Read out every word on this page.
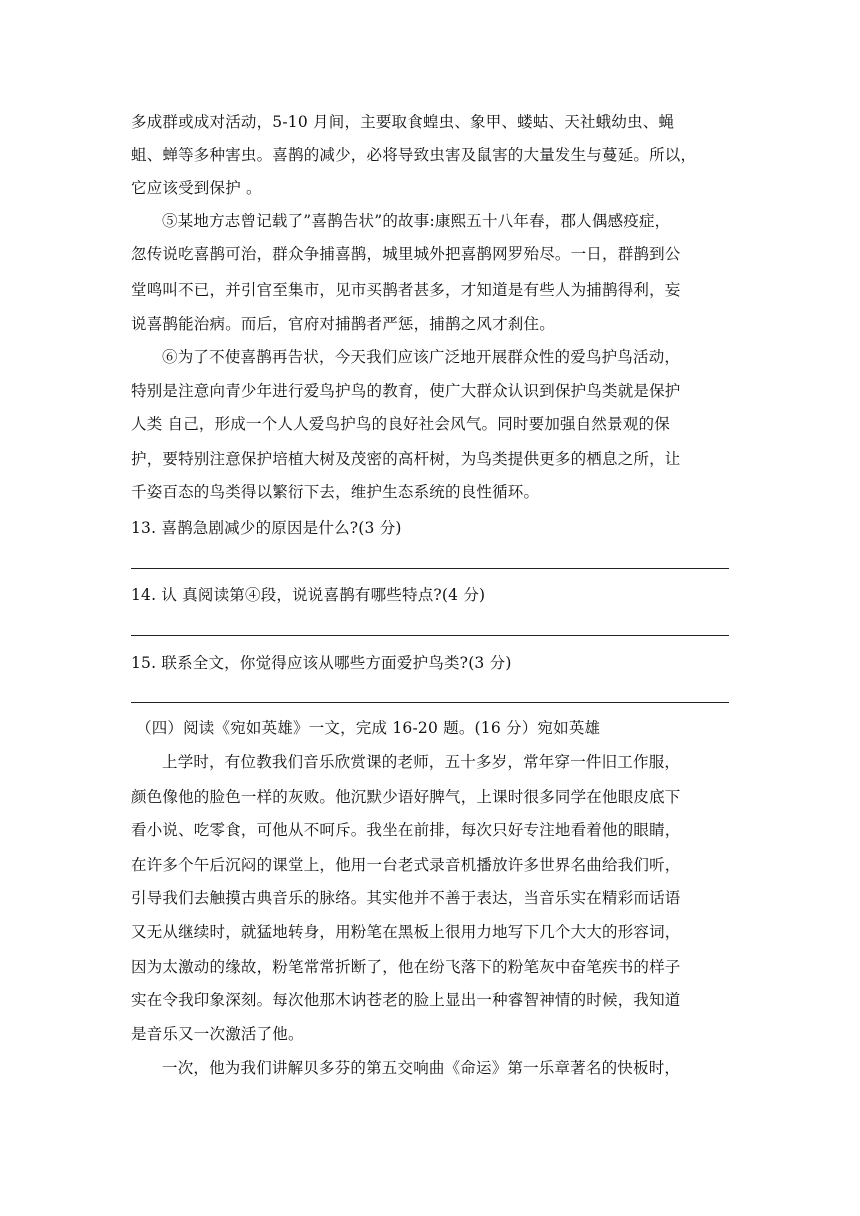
多成群或成对活动，5-10 月间，主要取食蝗虫、象甲、蝼蛄、天社蛾幼虫、蝇
蛆、蝉等多种害虫。喜鹊的减少，必将导致虫害及鼠害的大量发生与蔓延。所以，
它应该受到保护 。
⑤某地方志曾记载了”喜鹊告状”的故事:康熙五十八年春，郡人偶感疫症，
忽传说吃喜鹊可治，群众争捕喜鹊，城里城外把喜鹊网罗殆尽。一日，群鹊到公
堂鸣叫不已，并引官至集市，见市买鹊者甚多，才知道是有些人为捕鹊得利，妄
说喜鹊能治病。而后，官府对捕鹊者严惩，捕鹊之风才刹住。
⑥为了不使喜鹊再告状，今天我们应该广泛地开展群众性的爱鸟护鸟活动，
特别是注意向青少年进行爱鸟护鸟的教育，使广大群众认识到保护鸟类就是保护
人类 自己，形成一个人人爱鸟护鸟的良好社会风气。同时要加强自然景观的保
护，要特别注意保护培植大树及茂密的高杆树，为鸟类提供更多的栖息之所，让
千姿百态的鸟类得以繁衍下去，维护生态系统的良性循环。
13. 喜鹊急剧减少的原因是什么?(3 分)
14. 认 真阅读第④段，说说喜鹊有哪些特点?(4 分)
15. 联系全文，你觉得应该从哪些方面爱护鸟类?(3 分)
（四）阅读《宛如英雄》一文，完成 16-20 题。(16 分）宛如英雄
上学时，有位教我们音乐欣赏课的老师，五十多岁，常年穿一件旧工作服，
颜色像他的脸色一样的灰败。他沉默少语好脾气，上课时很多同学在他眼皮底下
看小说、吃零食，可他从不呵斥。我坐在前排，每次只好专注地看着他的眼睛，
在许多个午后沉闷的课堂上，他用一台老式录音机播放许多世界名曲给我们听，
引导我们去触摸古典音乐的脉络。其实他并不善于表达，当音乐实在精彩而话语
又无从继续时，就猛地转身，用粉笔在黑板上很用力地写下几个大大的形容词，
因为太激动的缘故，粉笔常常折断了，他在纷飞落下的粉笔灰中奋笔疾书的样子
实在令我印象深刻。每次他那木讷苍老的脸上显出一种睿智神情的时候，我知道
是音乐又一次激活了他。
一次，他为我们讲解贝多芬的第五交响曲《命运》第一乐章著名的快板时，
